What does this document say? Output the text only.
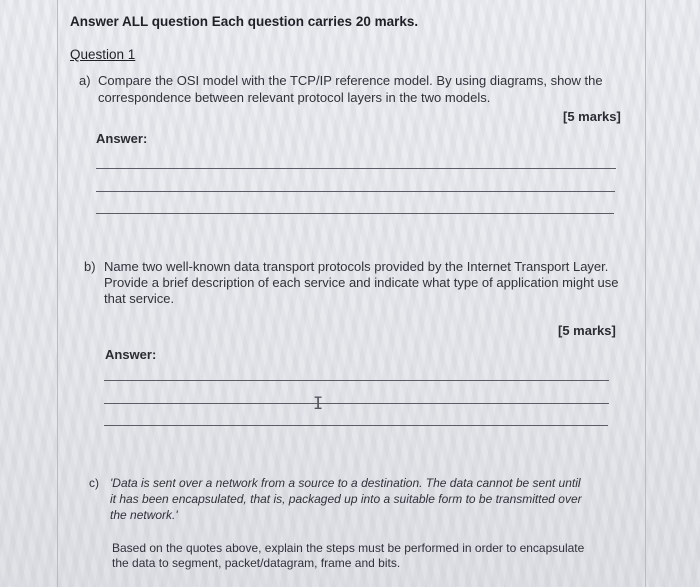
Answer ALL question Each question carries 20 marks.
Question 1
a) Compare the OSI model with the TCP/IP reference model. By using diagrams, show the
correspondence between relevant protocol layers in the two models.
[5 marks]
Answer:
b) Name two well-known data transport protocols provided by the Internet Transport Layer.
Provide a brief description of each service and indicate what type of application might use
that service.
[5 marks]
Answer:
I
c) 'Data is sent over a network from a source to a destination. The data cannot be sent until
it has been encapsulated, that is, packaged up into a suitable form to be transmitted over
the network.'
Based on the quotes above, explain the steps must be performed in order to encapsulate
the data to segment, packet/datagram, frame and bits.
